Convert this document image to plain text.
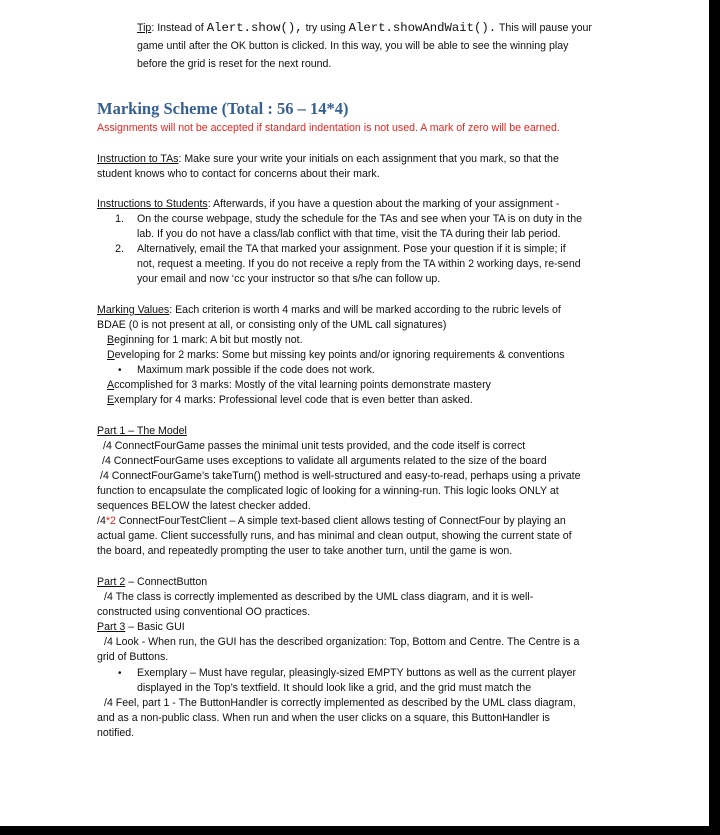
Tip: Instead of Alert.show(), try using Alert.showAndWait(). This will pause your
game until after the OK button is clicked. In this way, you will be able to see the winning play
before the grid is reset for the next round.
Marking Scheme (Total : 56 – 14*4)
Assignments will not be accepted if standard indentation is not used. A mark of zero will be earned.
Instruction to TAs: Make sure your write your initials on each assignment that you mark, so that the
student knows who to contact for concerns about their mark.
Instructions to Students: Afterwards, if you have a question about the marking of your assignment -
1. On the course webpage, study the schedule for the TAs and see when your TA is on duty in the
lab. If you do not have a class/lab conflict with that time, visit the TA during their lab period.
2. Alternatively, email the TA that marked your assignment. Pose your question if it is simple; if
not, request a meeting. If you do not receive a reply from the TA within 2 working days, re-send
your email and now ‘cc your instructor so that s/he can follow up.
Marking Values: Each criterion is worth 4 marks and will be marked according to the rubric levels of
BDAE (0 is not present at all, or consisting only of the UML call signatures)
Beginning for 1 mark: A bit but mostly not.
Developing for 2 marks: Some but missing key points and/or ignoring requirements & conventions
• Maximum mark possible if the code does not work.
Accomplished for 3 marks: Mostly of the vital learning points demonstrate mastery
Exemplary for 4 marks: Professional level code that is even better than asked.
Part 1 – The Model
/4 ConnectFourGame passes the minimal unit tests provided, and the code itself is correct
/4 ConnectFourGame uses exceptions to validate all arguments related to the size of the board
/4 ConnectFourGame’s takeTurn() method is well-structured and easy-to-read, perhaps using a private
function to encapsulate the complicated logic of looking for a winning-run. This logic looks ONLY at
sequences BELOW the latest checker added.
/4*2 ConnectFourTestClient – A simple text-based client allows testing of ConnectFour by playing an
actual game. Client successfully runs, and has minimal and clean output, showing the current state of
the board, and repeatedly prompting the user to take another turn, until the game is won.
Part 2 – ConnectButton
/4 The class is correctly implemented as described by the UML class diagram, and it is well-
constructed using conventional OO practices.
Part 3 – Basic GUI
/4 Look - When run, the GUI has the described organization: Top, Bottom and Centre. The Centre is a
grid of Buttons.
• Exemplary – Must have regular, pleasingly-sized EMPTY buttons as well as the current player
displayed in the Top’s textfield. It should look like a grid, and the grid must match the
/4 Feel, part 1 - The ButtonHandler is correctly implemented as described by the UML class diagram,
and as a non-public class. When run and when the user clicks on a square, this ButtonHandler is
notified.
